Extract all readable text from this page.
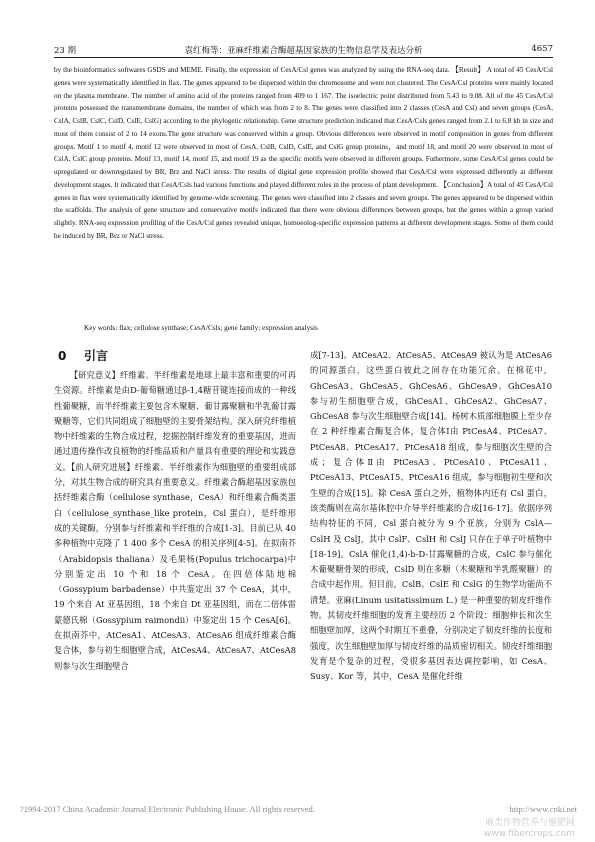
23 期	袁红梅等：亚麻纤维素合酶超基因家族的生物信息学及表达分析	4657

by the bioinformatics softwares GSDS and MEME. Finally, the expression of CesA/Csl genes was analyzed by using the RNA-seq data. 【Result】 A total of 45 CesA/Csl genes were systematically identified in flax. The genes appeared to be dispersed within the chromosome and were not clustered. The CesA/Csl proteins were mainly located on the plasma membrane. The number of amino acid of the proteins ranged from 409 to 1 167. The isoelectric point distributed from 5.43 to 9.08. All of the 45 CesA/Csl proteins possessed the transmembrane domains, the number of which was from 2 to 8. The genes were classified into 2 classes (CesA and Csl) and seven groups (CesA, CslA, CslB, CslC, CslD, CslE, CslG) according to the phylogetic relationship. Gene structure prediction indicated that CesA/Csls genes ranged from 2.1 to 6.8 kb in size and most of them consist of 2 to 14 exons.The gene structure was conserved within a group. Obvious differences were observed in motif composition in genes from different groups. Motif 1 to motif 4, motif 12 were observed in most of CesA, CslB, CslD, CslE, and CslG group proteins，and motif 18, and motif 20 were observed in most of CslA, CslC group proteins. Motif 13, motif 14, motif 15, and motif 19 as the specific motifs were observed in different groups. Futhermore, some CesA/Csl genes could be upregulated or downregulated by BR, Brz and NaCl stress. The results of digital gene expression profile showed that CesA/Csl were expressed differently at different development stages. It indicated that CesA/Csls had various functions and played different roles in the process of plant development. 【Conclusion】A total of 45 CesA/Csl genes in flax were systematically identified by genome-wide screening. The genes were classified into 2 classes and seven groups. The genes appeared to be dispersed within the scaffolds. The analysis of gene structure and conservative motifs indicated that there were obvious differences between groups, but the genes within a group varied slightly. RNA-seq expression profiling of the CesA/Csl genes revealed unique, homoeolog-specific expression patterns at different development stages. Some of them could be induced by BR, Brz or NaCl stress.

Key words: flax; cellulose synthase; CesA/Csls; gene family; expression analysis

0 引言

【研究意义】纤维素、半纤维素是地球上最丰富和重要的可再生资源。纤维素是由D-葡萄糖通过β-1,4糖苷键连接而成的一种线性葡聚糖，而半纤维素主要包含木聚糖、葡甘露聚糖和半乳葡甘露聚糖等，它们共同组成了细胞壁的主要骨架结构。深入研究纤维植物中纤维素的生物合成过程，挖掘控制纤维发育的重要基因，进而通过遗传操作改良植物的纤维品质和产量具有重要的理论和实践意义。【前人研究进展】纤维素、半纤维素作为细胞壁的重要组成部分，对其生物合成的研究具有重要意义。纤维素合酶超基因家族包括纤维素合酶（cellulose synthase，CesA）和纤维素合酶类蛋白（cellulose_synthase_like protein，Csl 蛋白），是纤维形成的关键酶，分别参与纤维素和半纤维的合成[1-3]。目前已从 40 多种植物中克隆了 1 400 多个 CesA 的相关序列[4-5]。在拟南芥（Arabidopsis thaliana）及毛果杨(Populus trichocarpa)中分别鉴定出 10 个和 18 个 CesA。在四倍体陆地棉（Gossypium barbadense）中共鉴定出 37 个 CesA，其中，19 个来自 At 亚基因组，18 个来自 Dt 亚基因组，而在二倍体雷蒙德氏棉（Gossypium raimondii）中鉴定出 15 个 CesA[6]。在拟南芥中，AtCesA1、AtCesA3、AtCesA6 组成纤维素合酶复合体，参与初生细胞壁合成，AtCesA4、AtCesA7、AtCesA8 则参与次生细胞壁合

成[7-13]。AtCesA2、AtCesA5、AtCesA9 被认为是 AtCesA6 的同源蛋白，这些蛋白彼此之间存在功能冗余。在棉花中，GhCesA3、GhCesA5、GhCesA6、GhCesA9、GhCesA10 参与初生细胞壁合成，GhCesA1、GhCesA2、GhCesA7、GhCesA8 参与次生细胞壁合成[14]。杨树木质部细胞膜上至少存在 2 种纤维素合酶复合体，复合体Ⅰ由 PtCesA4、PtCesA7、PtCesA8、PtCesA17、PtCesA18 组成，参与细胞次生壁的合成；复合体Ⅱ由 PtCesA3、PtCesA10、PtCesA11、PtCesA13、PtCesA15、PtCesA16 组成，参与细胞初生壁和次生壁的合成[15]。除 CesA 蛋白之外，植物体内还有 Csl 蛋白，该类酶则在高尔基体腔中介导半纤维素的合成[16-17]。依据序列结构特征的不同，Csl 蛋白被分为 9 个亚族，分别为 CslA—CslH 及 CslJ，其中 CslF、CslH 和 CslJ 只存在于单子叶植物中[18-19]。CslA 催化(1,4)-b-D-甘露聚糖的合成，CslC 参与催化木葡聚糖骨架的形成，CslD 则在多糖（木聚糖和半乳醛聚糖）的合成中起作用。但目前，CslB、CslE 和 CslG 的生物学功能尚不清楚。亚麻(Linum usitatissimum L.) 是一种重要的韧皮纤维作物。其韧皮纤维细胞的发育主要经历 2 个阶段：细胞伸长和次生细胞壁加厚，这两个时期互不重叠，分别决定了韧皮纤维的长度和强度，次生细胞壁加厚与韧皮纤维的品质密切相关。韧皮纤维细胞发育是个复杂的过程，受很多基因表达调控影响，如 CesA、Susy、Kor 等，其中，CesA 是催化纤维

?1994-2017 China Academic Journal Electronic Publishing House. All rights reserved.	http://www.cnki.net
麻类作物营养与施肥网
www.fibercrops.com
